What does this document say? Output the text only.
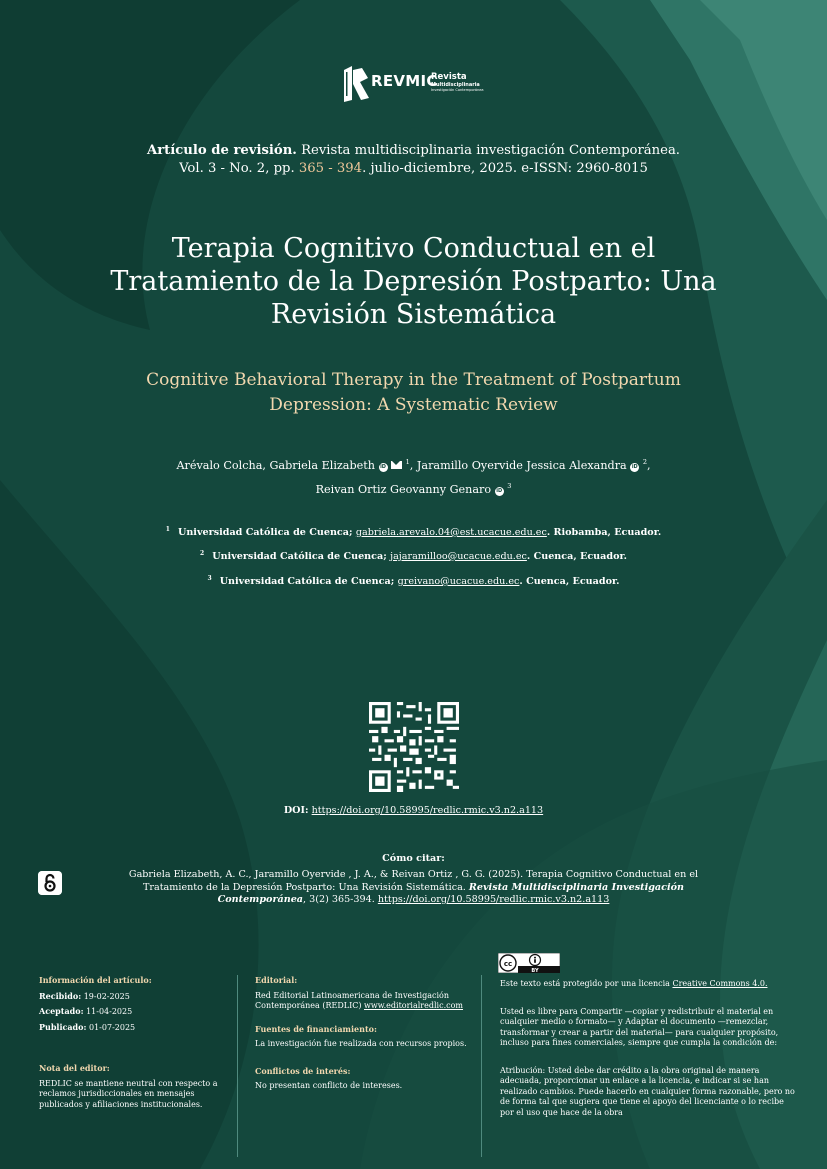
REVMIC
Revista
Multidisciplinaria
Investigación Contemporánea
Artículo de revisión. Revista multidisciplinaria investigación Contemporánea.
Vol. 3 - No. 2, pp. 365 - 394. julio-diciembre, 2025. e-ISSN: 2960-8015
Terapia Cognitivo Conductual en el Tratamiento de la Depresión Postparto: Una Revisión Sistemática
Cognitive Behavioral Therapy in the Treatment of Postpartum Depression: A Systematic Review
Arévalo Colcha, Gabriela Elizabeth iD  $^1$, Jaramillo Oyervide Jessica Alexandra iD $^2$,
Reivan Ortiz Geovanny Genaro iD $^3$
$^1$ Universidad Católica de Cuenca; gabriela.arevalo.04@est.ucacue.edu.ec. Riobamba, Ecuador.
$^2$ Universidad Católica de Cuenca; jajaramilloo@ucacue.edu.ec. Cuenca, Ecuador.
$^3$ Universidad Católica de Cuenca; greivano@ucacue.edu.ec. Cuenca, Ecuador.
DOI: https://doi.org/10.58995/redlic.rmic.v3.n2.a113
Cómo citar:
Gabriela Elizabeth, A. C., Jaramillo Oyervide , J. A., & Reivan Ortiz , G. G. (2025). Terapia Cognitivo Conductual en el Tratamiento de la Depresión Postparto: Una Revisión Sistemática. Revista Multidisciplinaria Investigación Contemporánea, 3(2) 365-394. https://doi.org/10.58995/redlic.rmic.v3.n2.a113
Información del artículo:
Recibido: 19-02-2025
Aceptado: 11-04-2025
Publicado: 01-07-2025
Nota del editor:
REDLIC se mantiene neutral con respecto a reclamos jurisdiccionales en mensajes publicados y afiliaciones institucionales.
Editorial:
Red Editorial Latinoamericana de Investigación Contemporánea (REDLIC) www.editorialredlic.com
Fuentes de financiamiento:
La investigación fue realizada con recursos propios.
Conflictos de interés:
No presentan conflicto de intereses.
cc
BY
Este texto está protegido por una licencia Creative Commons 4.0.
Usted es libre para Compartir —copiar y redistribuir el material en cualquier medio o formato— y Adaptar el documento —remezclar, transformar y crear a partir del material— para cualquier propósito, incluso para fines comerciales, siempre que cumpla la condición de:
Atribución: Usted debe dar crédito a la obra original de manera adecuada, proporcionar un enlace a la licencia, e indicar si se han realizado cambios. Puede hacerlo en cualquier forma razonable, pero no de forma tal que sugiera que tiene el apoyo del licenciante o lo recibe por el uso que hace de la obra
